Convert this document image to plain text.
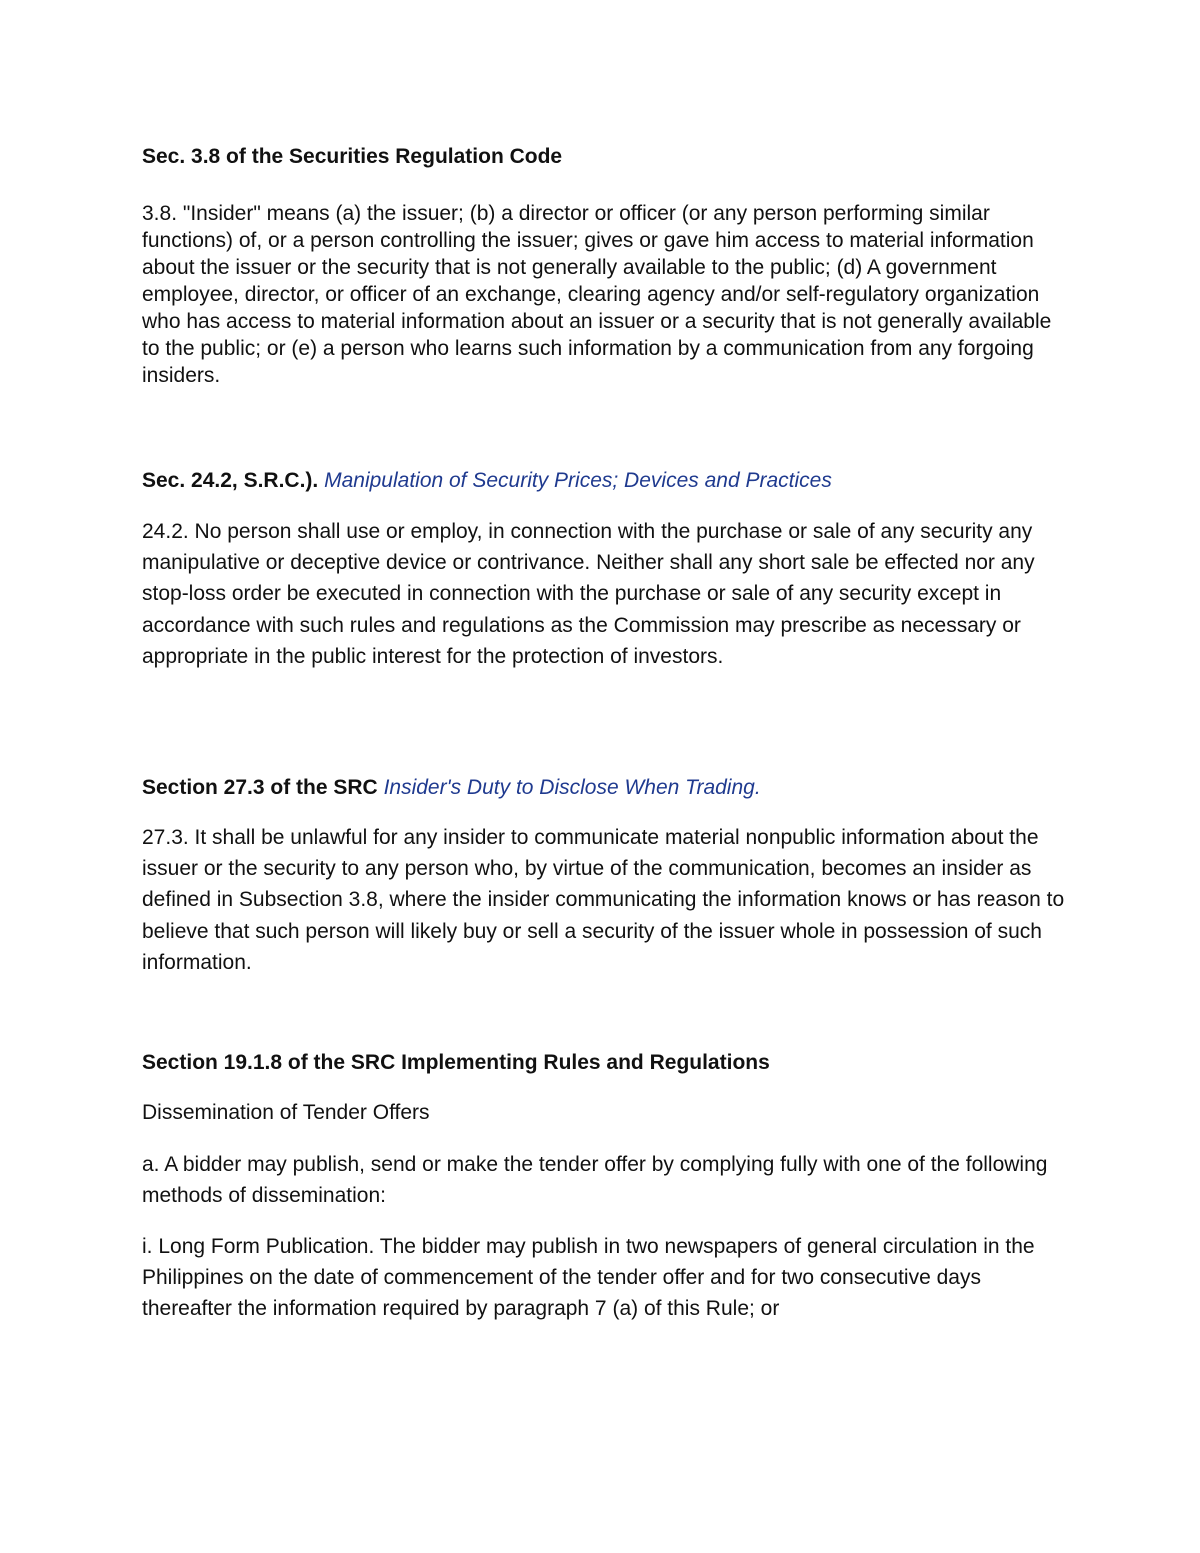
Sec. 3.8 of the Securities Regulation Code

3.8. "Insider" means (a) the issuer; (b) a director or officer (or any person performing similar functions) of, or a person controlling the issuer; gives or gave him access to material information about the issuer or the security that is not generally available to the public; (d) A government employee, director, or officer of an exchange, clearing agency and/or self-regulatory organization who has access to material information about an issuer or a security that is not generally available to the public; or (e) a person who learns such information by a communication from any forgoing insiders.

Sec. 24.2, S.R.C.). Manipulation of Security Prices; Devices and Practices

24.2. No person shall use or employ, in connection with the purchase or sale of any security any manipulative or deceptive device or contrivance. Neither shall any short sale be effected nor any stop-loss order be executed in connection with the purchase or sale of any security except in accordance with such rules and regulations as the Commission may prescribe as necessary or appropriate in the public interest for the protection of investors.

Section 27.3 of the SRC Insider's Duty to Disclose When Trading.

27.3. It shall be unlawful for any insider to communicate material nonpublic information about the issuer or the security to any person who, by virtue of the communication, becomes an insider as defined in Subsection 3.8, where the insider communicating the information knows or has reason to believe that such person will likely buy or sell a security of the issuer whole in possession of such information.

Section 19.1.8 of the SRC Implementing Rules and Regulations

Dissemination of Tender Offers

a. A bidder may publish, send or make the tender offer by complying fully with one of the following methods of dissemination:

i. Long Form Publication. The bidder may publish in two newspapers of general circulation in the Philippines on the date of commencement of the tender offer and for two consecutive days thereafter the information required by paragraph 7 (a) of this Rule; or
